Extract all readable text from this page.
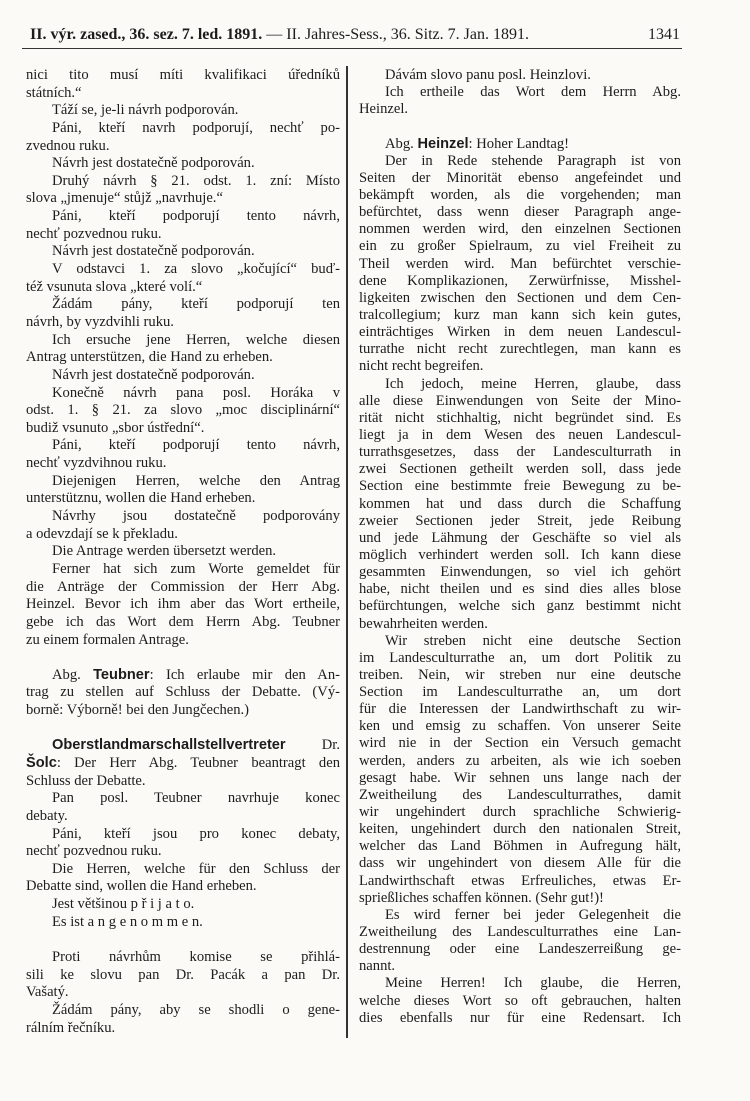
II. výr. zased., 36. sez. 7. led. 1891. — II. Jahres-Sess., 36. Sitz. 7. Jan. 1891.	1341
nici tito musí míti kvalifikaci úředníků
státních.“
Táží se, je-li návrh podporován.
Páni, kteří navrh podporují, nechť po-
zvednou ruku.
Návrh jest dostatečně podporován.
Druhý návrh § 21. odst. 1. zní: Místo
slova „jmenuje“ stůjž „navrhuje.“
Páni, kteří podporují tento návrh,
nechť pozvednou ruku.
Návrh jest dostatečně podporován.
V odstavci 1. za slovo „kočující“ buď-
též vsunuta slova „které volí.“
Žádám pány, kteří podporují ten
návrh, by vyzdvihli ruku.
Ich ersuche jene Herren, welche diesen
Antrag unterstützen, die Hand zu erheben.
Návrh jest dostatečně podporován.
Konečně návrh pana posl. Horáka v
odst. 1. § 21. za slovo „moc disciplinární“
budiž vsunuto „sbor ústřední“.
Páni, kteří podporují tento návrh,
nechť vyzdvihnou ruku.
Diejenigen Herren, welche den Antrag
unterstütznu, wollen die Hand erheben.
Návrhy jsou dostatečně podporovány
a odevzdají se k překladu.
Die Antrage werden übersetzt werden.
Ferner hat sich zum Worte gemeldet für
die Anträge der Commission der Herr Abg.
Heinzel. Bevor ich ihm aber das Wort ertheile,
gebe ich das Wort dem Herrn Abg. Teubner
zu einem formalen Antrage.
Abg. Teubner: Ich erlaube mir den An-
trag zu stellen auf Schluss der Debatte. (Vý-
borně: Výborně! bei den Jungčechen.)
Oberstlandmarschallstellvertreter Dr.
Šolc: Der Herr Abg. Teubner beantragt den
Schluss der Debatte.
Pan posl. Teubner navrhuje konec
debaty.
Páni, kteří jsou pro konec debaty,
nechť pozvednou ruku.
Die Herren, welche für den Schluss der
Debatte sind, wollen die Hand erheben.
Jest většinou p ř i j a t o.
Es ist a n g e n o m m e n.
Proti návrhům komise se přihlá-
sili ke slovu pan Dr. Pacák a pan Dr.
Vašatý.
Žádám pány, aby se shodli o gene-
rálním řečníku.
Dávám slovo panu posl. Heinzlovi.
Ich ertheile das Wort dem Herrn Abg.
Heinzel.
Abg. Heinzel: Hoher Landtag!
Der in Rede stehende Paragraph ist von
Seiten der Minorität ebenso angefeindet und
bekämpft worden, als die vorgehenden; man
befürchtet, dass wenn dieser Paragraph ange-
nommen werden wird, den einzelnen Sectionen
ein zu großer Spielraum, zu viel Freiheit zu
Theil werden wird. Man befürchtet verschie-
dene Komplikazionen, Zerwürfnisse, Misshel-
ligkeiten zwischen den Sectionen und dem Cen-
tralcollegium; kurz man kann sich kein gutes,
einträchtiges Wirken in dem neuen Landescul-
turrathe nicht recht zurechtlegen, man kann es
nicht recht begreifen.
Ich jedoch, meine Herren, glaube, dass
alle diese Einwendungen von Seite der Mino-
rität nicht stichhaltig, nicht begründet sind. Es
liegt ja in dem Wesen des neuen Landescul-
turrathsgesetzes, dass der Landesculturrath in
zwei Sectionen getheilt werden soll, dass jede
Section eine bestimmte freie Bewegung zu be-
kommen hat und dass durch die Schaffung
zweier Sectionen jeder Streit, jede Reibung
und jede Lähmung der Geschäfte so viel als
möglich verhindert werden soll. Ich kann diese
gesammten Einwendungen, so viel ich gehört
habe, nicht theilen und es sind dies alles blose
befürchtungen, welche sich ganz bestimmt nicht
bewahrheiten werden.
Wir streben nicht eine deutsche Section
im Landesculturrathe an, um dort Politik zu
treiben. Nein, wir streben nur eine deutsche
Section im Landesculturrathe an, um dort
für die Interessen der Landwirthschaft zu wir-
ken und emsig zu schaffen. Von unserer Seite
wird nie in der Section ein Versuch gemacht
werden, anders zu arbeiten, als wie ich soeben
gesagt habe. Wir sehnen uns lange nach der
Zweitheilung des Landesculturrathes, damit
wir ungehindert durch sprachliche Schwierig-
keiten, ungehindert durch den nationalen Streit,
welcher das Land Böhmen in Aufregung hält,
dass wir ungehindert von diesem Alle für die
Landwirthschaft etwas Erfreuliches, etwas Er-
sprießliches schaffen können. (Sehr gut!)!
Es wird ferner bei jeder Gelegenheit die
Zweitheilung des Landesculturrathes eine Lan-
destrennung oder eine Landeszerreißung ge-
nannt.
Meine Herren! Ich glaube, die Herren,
welche dieses Wort so oft gebrauchen, halten
dies ebenfalls nur für eine Redensart. Ich
